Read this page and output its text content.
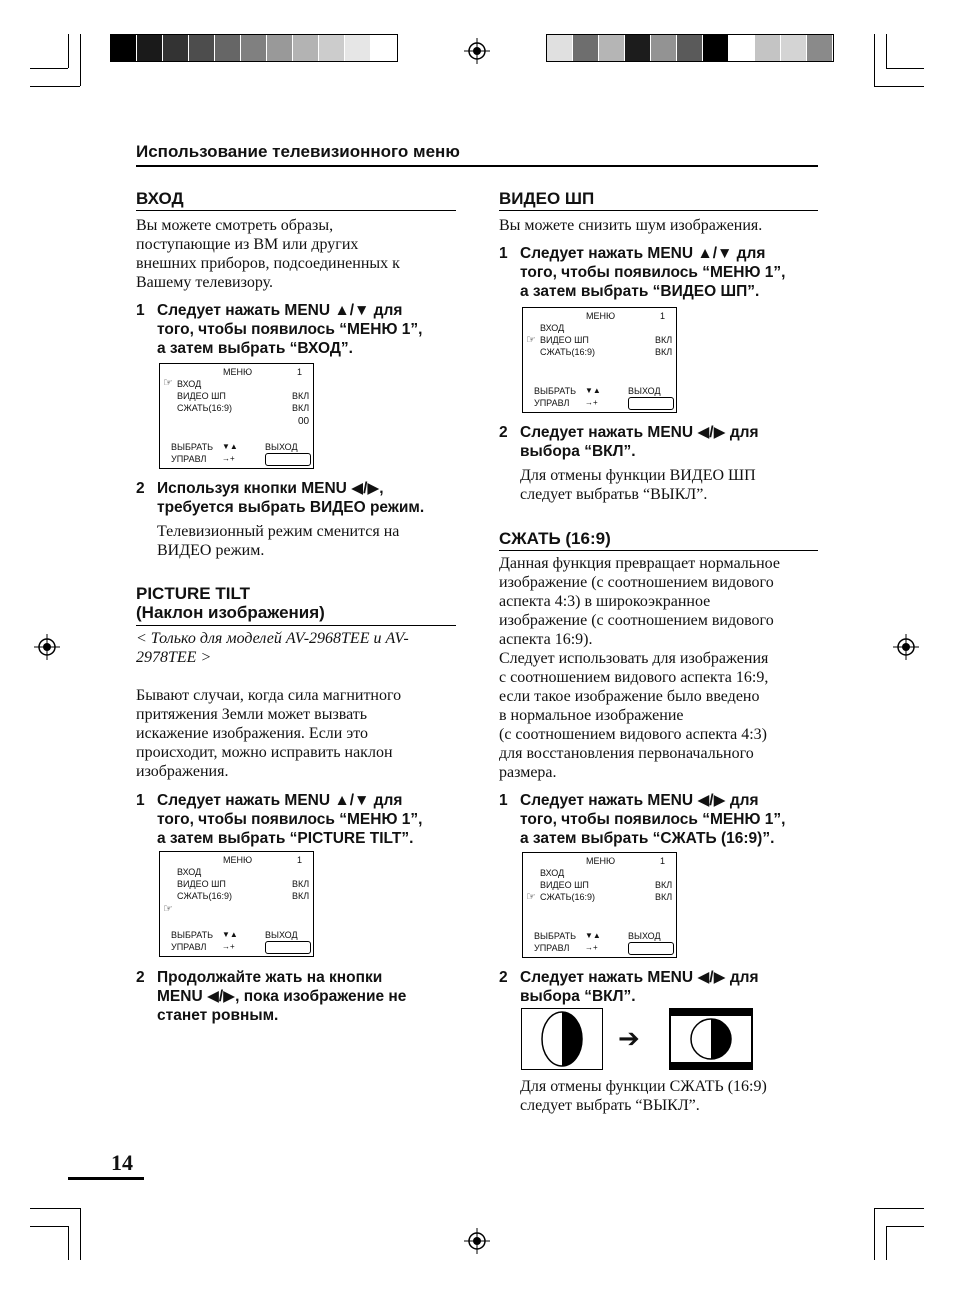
Использование телевизионного меню
ВХОД
Вы можете смотреть образы,
поступающие из ВМ или других
внешних приборов, подсоединенных к
Вашему телевизору.
1 Следует нажать MENU ▲/▼ для
того, чтобы появилось “МЕНЮ 1”,
а затем выбрать “ВХОД”.
МЕНЮ	1
☞ ВХОД
ВИДЕО ШП	ВКЛ
СЖАТЬ(16:9)	ВКЛ
00
ВЫБРАТЬ ▼▲	ВЫХОД
УПРАВЛ →+
2 Используя кнопки MENU ◀/▶,
требуется выбрать ВИДЕО режим.
Телевизионный режим сменится на
ВИДЕО режим.
PICTURE TILT
(Наклон изображения)
< Только для моделей AV-2968TEE и AV-
2978TEE >
Бывают случаи, когда сила магнитного
притяжения Земли может вызвать
искажение изображения. Если это
происходит, можно исправить наклон
изображения.
1 Следует нажать MENU ▲/▼ для
того, чтобы появилось “МЕНЮ 1”,
а затем выбрать “PICTURE TILT”.
МЕНЮ	1
ВХОД
ВИДЕО ШП	ВКЛ
СЖАТЬ(16:9)	ВКЛ
☞
ВЫБРАТЬ ▼▲	ВЫХОД
УПРАВЛ →+
2 Продолжайте жать на кнопки
MENU ◀/▶, пока изображение не
станет ровным.
ВИДЕО ШП
Вы можете снизить шум изображения.
1 Следует нажать MENU ▲/▼ для
того, чтобы появилось “МЕНЮ 1”,
а затем выбрать “ВИДЕО ШП”.
МЕНЮ	1
ВХОД
☞ ВИДЕО ШП	ВКЛ
СЖАТЬ(16:9)	ВКЛ
ВЫБРАТЬ ▼▲	ВЫХОД
УПРАВЛ →+
2 Следует нажать MENU ◀/▶ для
выбора “ВКЛ”.
Для отмены функции ВИДЕО ШП
следует выбратьв “ВЫКЛ”.
СЖАТЬ (16:9)
Данная функция превращает нормальное
изображение (с соотношением видового
аспекта 4:3) в широкоэкранное
изображение (с соотношением видового
аспекта 16:9).
Следует использовать для изображения
с соотношением видового аспекта 16:9,
если такое изображение было введено
в нормальное изображение
(с соотношением видового аспекта 4:3)
для восстановления первоначального
размера.
1 Следует нажать MENU ◀/▶ для
того, чтобы появилось “МЕНЮ 1”,
а затем выбрать “СЖАТЬ (16:9)”.
МЕНЮ	1
ВХОД
ВИДЕО ШП	ВКЛ
☞ СЖАТЬ(16:9)	ВКЛ
ВЫБРАТЬ ▼▲	ВЫХОД
УПРАВЛ →+
2 Следует нажать MENU ◀/▶ для
выбора “ВКЛ”.
➔
Для отмены функции СЖАТЬ (16:9)
следует выбрать “ВЫКЛ”.
14
